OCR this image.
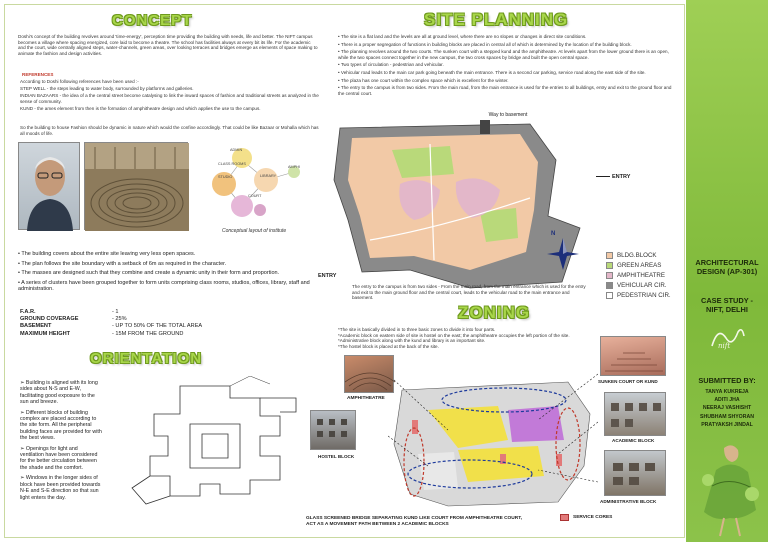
CONCEPT
Doshi's concept of the building revolves around 'time-energy', perception time providing the building with needs, life and better. The NIFT campus becomes a village where spacing energized, core laid to become a theatre. The school has facilities always at every bit its life. For the academic and the court, wide centrally aligned steps, water-channels, green areas, over looking terraces and bridges emerge as elements of space making to animate the fashion and design activities.
REFERENCES
According to Doshi following references have been used :-
STEP WELL - the steps leading to water body, surrounded by platforms and galleries.
INDIAN BAZAARS - the idea of a the central street become catalysing to link the inward spaces of fashion and traditional streets as analyzed in the sense of community.
KUND - the ames element from then is the formation of amphitheatre design and which applies the use to the campus.
So the building to house Fashion should be dynamic in nature which would the confine accordingly. That could be like Bazaar or Mohalla which has all moods of life.
CLASS ROOMS
STUDIO	LIBRARY
ADMIN
COURT
AMPHI
Conceptual layout of institute
• The building covers about the entire site leaving very less open spaces.
• The plan follows the site boundary with a setback of 6m as required in the character.
• The masses are designed such that they combine and create a dynamic unity in their form and proportion.
• A series of clusters have been grouped together to form units comprising class rooms, studios, offices, library, staff and administration.
F.A.R.	- 1
GROUND COVERAGE	- 25%
BASEMENT	- UP TO 50% OF THE TOTAL AREA
MAXIMUM HEIGHT	- 15M FROM THE GROUND
ORIENTATION
➢ Building is aligned with its long sides about N-S and E-W, facilitating good exposure to the sun and breeze.
➢ Different blocks of building complex are placed according to the site form. All the peripheral building faces are provided for with the best views.
➢ Openings for light and ventilation have been considered for the better circulation between the shade and the comfort.
➢ Windows in the longer sides of block have been provided towards N-E and S-E direction so that sun light enters the day.
SITE PLANNING
• The site is a flat land and the levels are all at ground level, where there are no slopes or changes in direct site conditions.
• There is a proper segregation of functions in building blocks are placed in central all of which is determined by the location of the building block.
• The planning revolves around the two courts. The sunken court with a stepped kund and the amphitheatre. At levels apart from the lower ground there is an open, while the two spaces connect together in the new campus, the two cross spaces by bridge and built the open central space.
• Two types of circulation - pedestrian and vehicular.
• Vehicular road leads to the main car park going beneath the main entrance. There is a second car parking, service road along the east side of the site.
• The plaza has one court within the complex space which is excellent for the winter.
• The entry to the campus is from two sides. From the main road, from the main entrance is used for the entries to all buildings, entry and exit to the ground floor and the central court.
Way to basement
ENTRY
ENTRY
N
BLDG.BLOCK
GREEN AREAS
AMPHITHEATRE
VEHICULAR CIR.
PEDESTRIAN CIR.
The entry to the campus is from two sides - From the main road, from the main entrance which is used for the entry and exit to the main ground floor and the central court, leads to the vehicular road to the main entrance and basement.
ZONING
*The site is basically divided in to three basic zones to divide it into four parts.
*Academic block on eastern side of site is hostel on the east; the amphitheatre occupies the left portion of the site.
*Administrative block along with the kund and library is an important site.
*The hostel block is placed at the back of the site.
AMPHITHEATRE
SUNKEN COURT OR KUND
HOSTEL BLOCK
ACADEMIC BLOCK
ADMINISTRATIVE BLOCK
GLASS SCREENED BRIDGE SEPARATING KUND LIKE COURT FROM AMPHITHEATRE COURT, ACT AS A MOVEMENT PATH BETWEEN 2 ACADEMIC BLOCKS
SERVICE CORES
ARCHITECTURAL
DESIGN (AP-301)
CASE STUDY -
NIFT, DELHI
nift
SUBMITTED BY:
TANYA KUKREJA
ADITI JHA
NEERAJ VASHISHT
SHUBHAM SHYORAN
PRATYAKSH JINDAL
